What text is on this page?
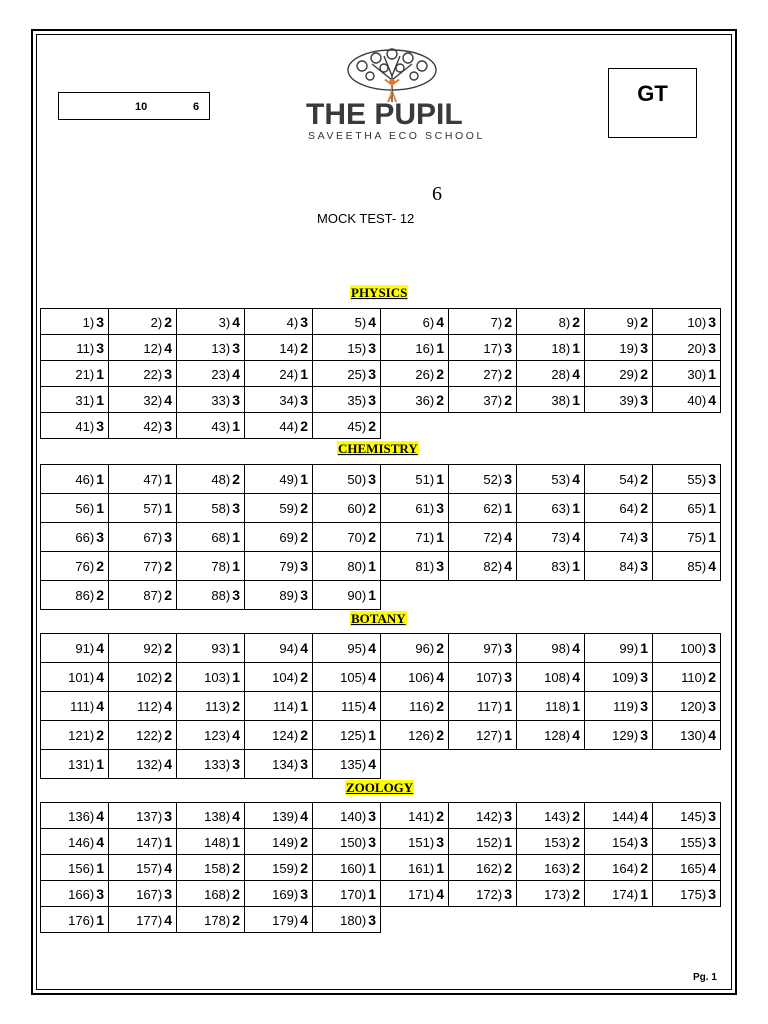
10	6	THE PUPIL
SAVEETHA ECO SCHOOL
GT
6
MOCK TEST- 12
PHYSICS
1) 3	2) 2	3) 4	4) 3	5) 4	6) 4	7) 2	8) 2	9) 2	10) 3
11) 3	12) 4	13) 3	14) 2	15) 3	16) 1	17) 3	18) 1	19) 3	20) 3
21) 1	22) 3	23) 4	24) 1	25) 3	26) 2	27) 2	28) 4	29) 2	30) 1
31) 1	32) 4	33) 3	34) 3	35) 3	36) 2	37) 2	38) 1	39) 3	40) 4
41) 3	42) 3	43) 1	44) 2	45) 2					
CHEMISTRY
46) 1	47) 1	48) 2	49) 1	50) 3	51) 1	52) 3	53) 4	54) 2	55) 3
56) 1	57) 1	58) 3	59) 2	60) 2	61) 3	62) 1	63) 1	64) 2	65) 1
66) 3	67) 3	68) 1	69) 2	70) 2	71) 1	72) 4	73) 4	74) 3	75) 1
76) 2	77) 2	78) 1	79) 3	80) 1	81) 3	82) 4	83) 1	84) 3	85) 4
86) 2	87) 2	88) 3	89) 3	90) 1					
BOTANY
91) 4	92) 2	93) 1	94) 4	95) 4	96) 2	97) 3	98) 4	99) 1	100) 3
101) 4	102) 2	103) 1	104) 2	105) 4	106) 4	107) 3	108) 4	109) 3	110) 2
111) 4	112) 4	113) 2	114) 1	115) 4	116) 2	117) 1	118) 1	119) 3	120) 3
121) 2	122) 2	123) 4	124) 2	125) 1	126) 2	127) 1	128) 4	129) 3	130) 4
131) 1	132) 4	133) 3	134) 3	135) 4					
ZOOLOGY
136) 4	137) 3	138) 4	139) 4	140) 3	141) 2	142) 3	143) 2	144) 4	145) 3
146) 4	147) 1	148) 1	149) 2	150) 3	151) 3	152) 1	153) 2	154) 3	155) 3
156) 1	157) 4	158) 2	159) 2	160) 1	161) 1	162) 2	163) 2	164) 2	165) 4
166) 3	167) 3	168) 2	169) 3	170) 1	171) 4	172) 3	173) 2	174) 1	175) 3
176) 1	177) 4	178) 2	179) 4	180) 3					
Pg. 1
